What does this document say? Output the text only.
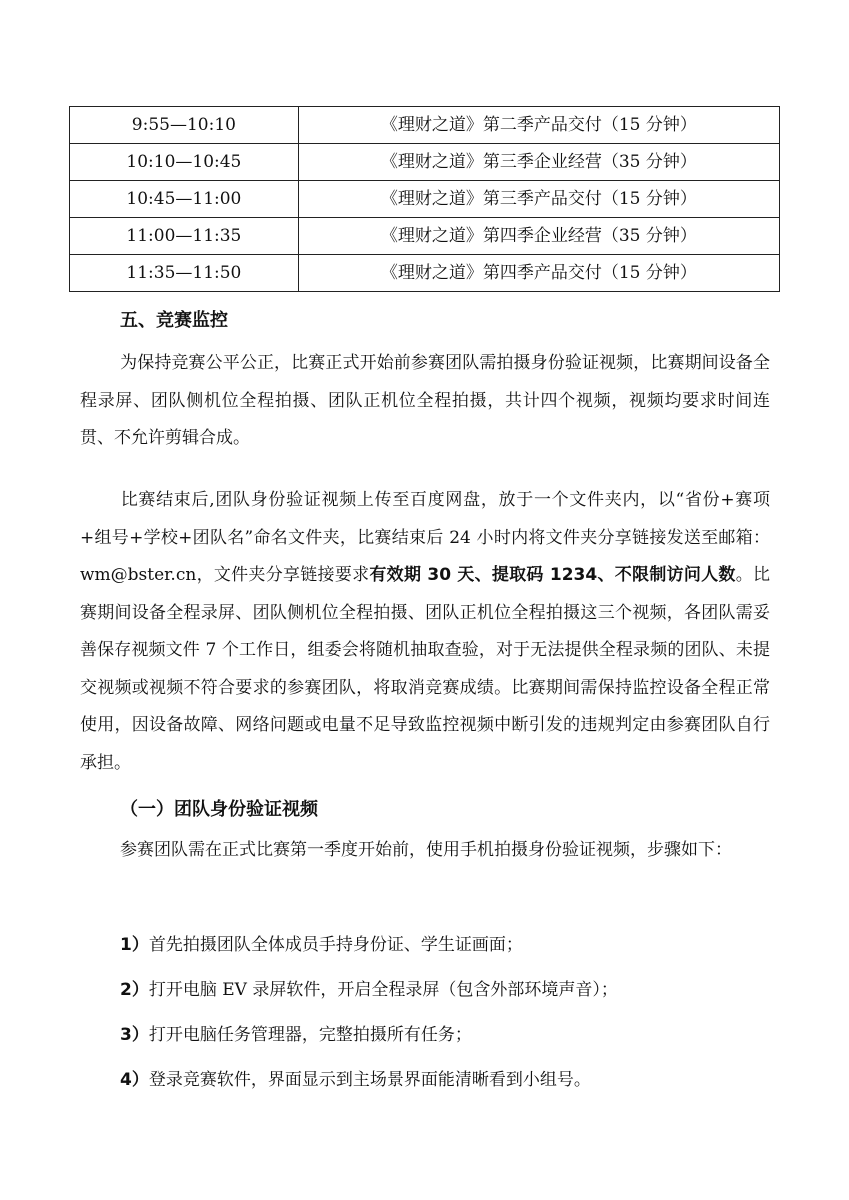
9:55—10:10	《理财之道》第二季产品交付（15 分钟）
10:10—10:45	《理财之道》第三季企业经营（35 分钟）
10:45—11:00	《理财之道》第三季产品交付（15 分钟）
11:00—11:35	《理财之道》第四季企业经营（35 分钟）
11:35—11:50	《理财之道》第四季产品交付（15 分钟）
五、竞赛监控

为保持竞赛公平公正，比赛正式开始前参赛团队需拍摄身份验证视频，比赛期间设备全程录屏、团队侧机位全程拍摄、团队正机位全程拍摄，共计四个视频，视频均要求时间连贯、不允许剪辑合成。

比赛结束后,团队身份验证视频上传至百度网盘，放于一个文件夹内，以“省份+赛项+组号+学校+团队名”命名文件夹，比赛结束后 24 小时内将文件夹分享链接发送至邮箱：wm@bster.cn，文件夹分享链接要求有效期 30 天、提取码 1234、不限制访问人数。比赛期间设备全程录屏、团队侧机位全程拍摄、团队正机位全程拍摄这三个视频，各团队需妥善保存视频文件 7 个工作日，组委会将随机抽取查验，对于无法提供全程录频的团队、未提交视频或视频不符合要求的参赛团队，将取消竞赛成绩。比赛期间需保持监控设备全程正常使用，因设备故障、网络问题或电量不足导致监控视频中断引发的违规判定由参赛团队自行承担。

（一）团队身份验证视频

参赛团队需在正式比赛第一季度开始前，使用手机拍摄身份验证视频，步骤如下：

1）首先拍摄团队全体成员手持身份证、学生证画面；
2）打开电脑 EV 录屏软件，开启全程录屏（包含外部环境声音）；
3）打开电脑任务管理器，完整拍摄所有任务；
4）登录竞赛软件，界面显示到主场景界面能清晰看到小组号。
